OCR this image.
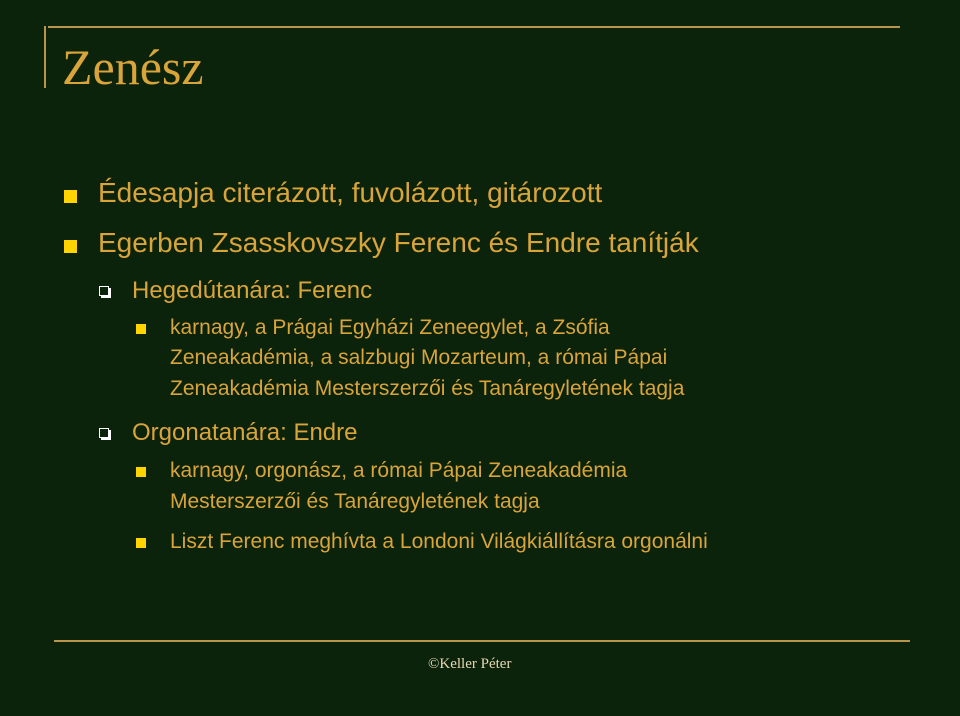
Zenész
Édesapja citerázott, fuvolázott, gitározott
Egerben Zsasskovszky Ferenc és Endre tanítják
Hegedútanára: Ferenc
karnagy, a Prágai Egyházi Zeneegylet, a Zsófia
Zeneakadémia, a salzbugi Mozarteum, a római Pápai
Zeneakadémia Mesterszerzői és Tanáregyletének tagja
Orgonatanára: Endre
karnagy, orgonász, a római Pápai Zeneakadémia
Mesterszerzői és Tanáregyletének tagja
Liszt Ferenc meghívta a Londoni Világkiállításra orgonálni
©Keller Péter
